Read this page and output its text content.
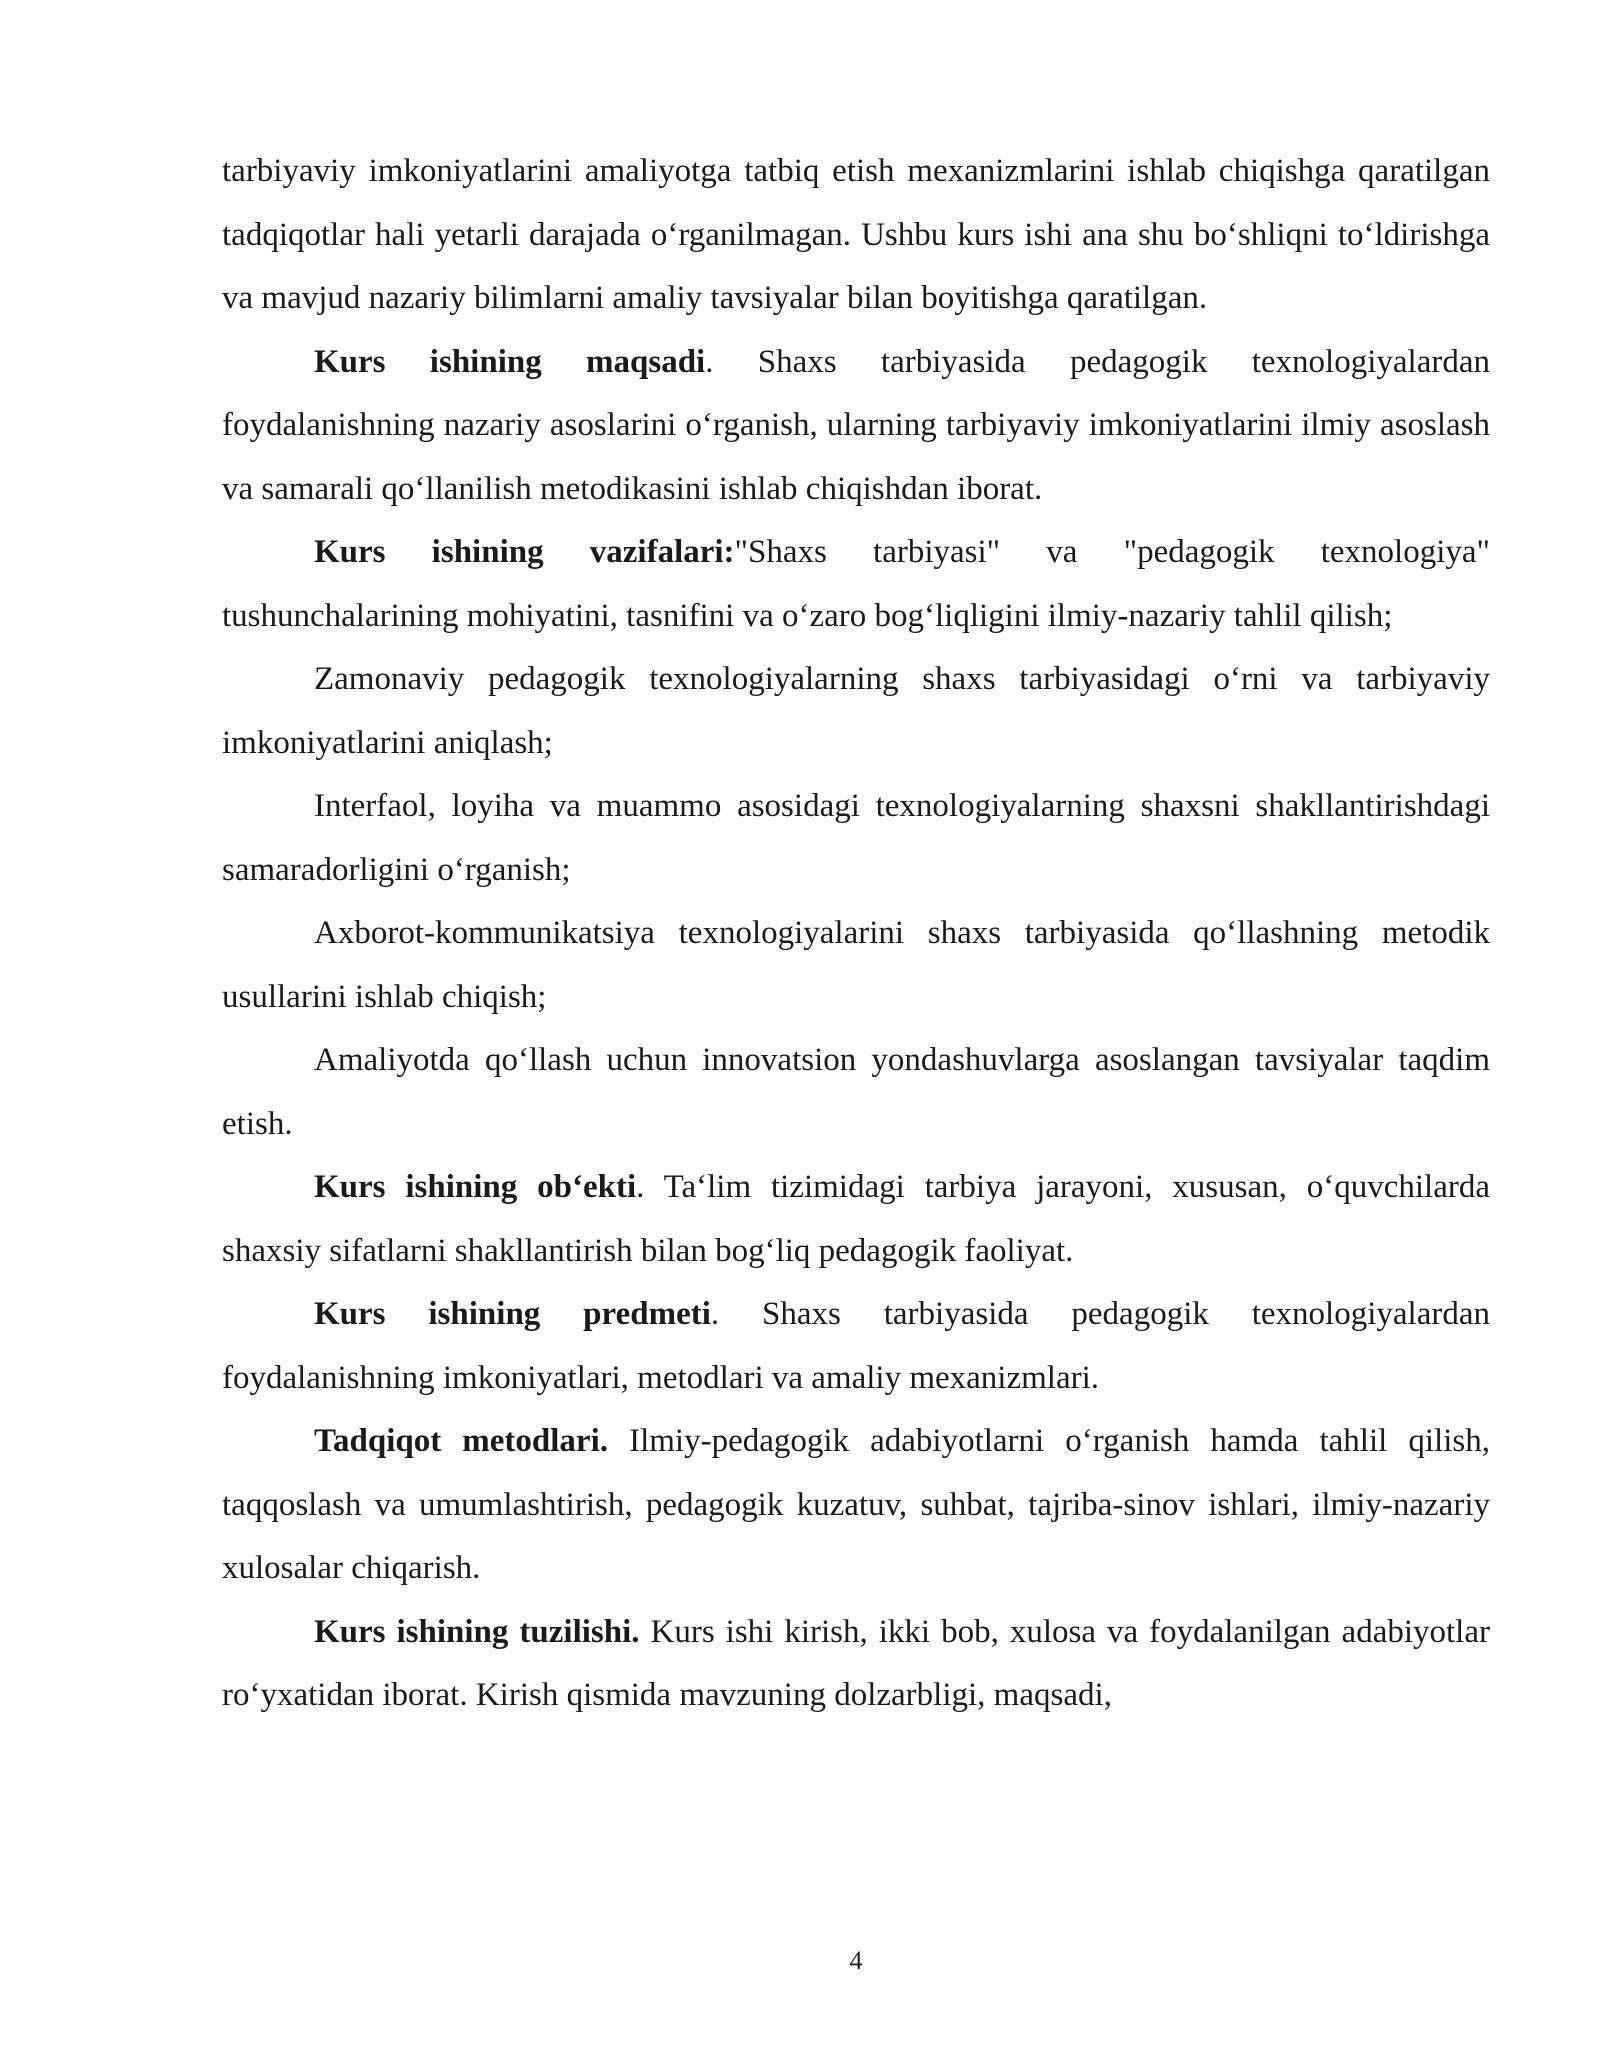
tarbiyaviy imkoniyatlarini amaliyotga tatbiq etish mexanizmlarini ishlab chiqishga qaratilgan tadqiqotlar hali yetarli darajada o‘rganilmagan. Ushbu kurs ishi ana shu bo‘shliqni to‘ldirishga va mavjud nazariy bilimlarni amaliy tavsiyalar bilan boyitishga qaratilgan.

Kurs ishining maqsadi. Shaxs tarbiyasida pedagogik texnologiyalardan foydalanishning nazariy asoslarini o‘rganish, ularning tarbiyaviy imkoniyatlarini ilmiy asoslash va samarali qo‘llanilish metodikasini ishlab chiqishdan iborat.

Kurs ishining vazifalari:"Shaxs tarbiyasi" va "pedagogik texnologiya" tushunchalarining mohiyatini, tasnifini va o‘zaro bog‘liqligini ilmiy-nazariy tahlil qilish;

Zamonaviy pedagogik texnologiyalarning shaxs tarbiyasidagi o‘rni va tarbiyaviy imkoniyatlarini aniqlash;

Interfaol, loyiha va muammo asosidagi texnologiyalarning shaxsni shakllantirishdagi samaradorligini o‘rganish;

Axborot-kommunikatsiya texnologiyalarini shaxs tarbiyasida qo‘llashning metodik usullarini ishlab chiqish;

Amaliyotda qo‘llash uchun innovatsion yondashuvlarga asoslangan tavsiyalar taqdim etish.

Kurs ishining ob‘ekti. Ta‘lim tizimidagi tarbiya jarayoni, xususan, o‘quvchilarda shaxsiy sifatlarni shakllantirish bilan bog‘liq pedagogik faoliyat.

Kurs ishining predmeti. Shaxs tarbiyasida pedagogik texnologiyalardan foydalanishning imkoniyatlari, metodlari va amaliy mexanizmlari.

Tadqiqot metodlari. Ilmiy-pedagogik adabiyotlarni o‘rganish hamda tahlil qilish, taqqoslash va umumlashtirish, pedagogik kuzatuv, suhbat, tajriba-sinov ishlari, ilmiy-nazariy xulosalar chiqarish.

Kurs ishining tuzilishi. Kurs ishi kirish, ikki bob, xulosa va foydalanilgan adabiyotlar ro‘yxatidan iborat. Kirish qismida mavzuning dolzarbligi, maqsadi,

4
